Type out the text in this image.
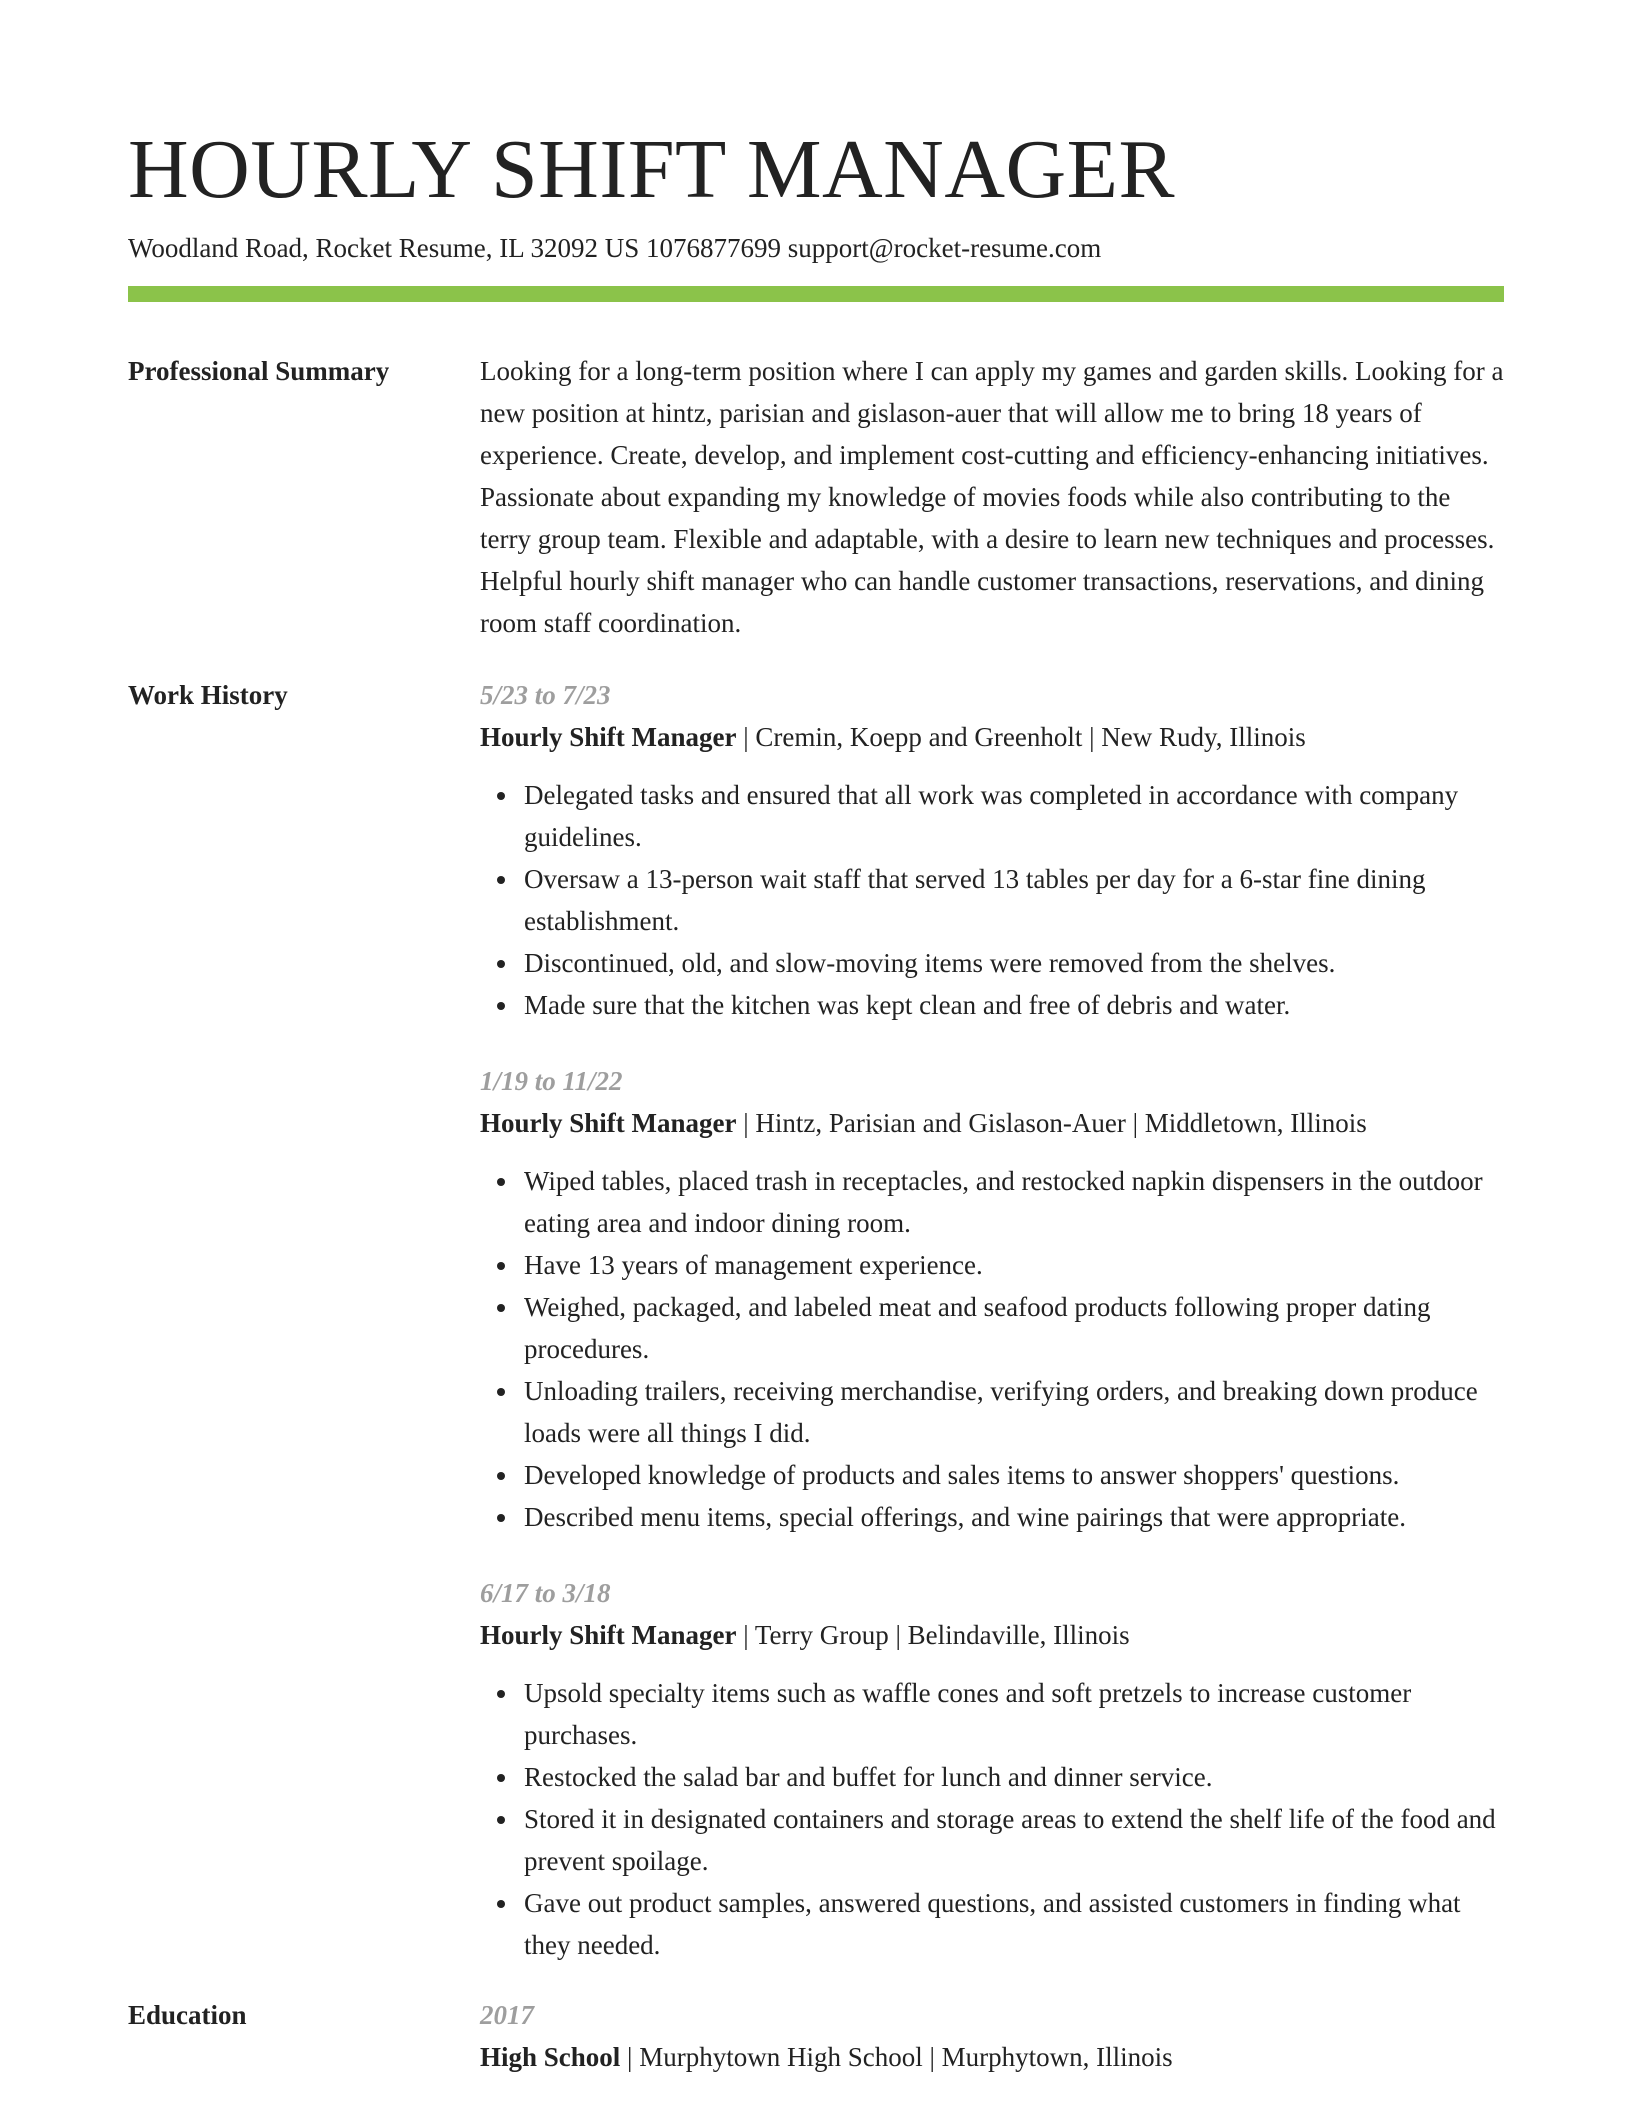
HOURLY SHIFT MANAGER
Woodland Road, Rocket Resume, IL 32092 US 1076877699 support@rocket-resume.com
Professional Summary	Looking for a long-term position where I can apply my games and garden skills. Looking for a new position at hintz, parisian and gislason-auer that will allow me to bring 18 years of experience. Create, develop, and implement cost-cutting and efficiency-enhancing initiatives. Passionate about expanding my knowledge of movies foods while also contributing to the terry group team. Flexible and adaptable, with a desire to learn new techniques and processes. Helpful hourly shift manager who can handle customer transactions, reservations, and dining room staff coordination.

Work History	5/23 to 7/23
Hourly Shift Manager | Cremin, Koepp and Greenholt | New Rudy, Illinois
Delegated tasks and ensured that all work was completed in accordance with company guidelines.
Oversaw a 13-person wait staff that served 13 tables per day for a 6-star fine dining establishment.
Discontinued, old, and slow-moving items were removed from the shelves.
Made sure that the kitchen was kept clean and free of debris and water.
1/19 to 11/22
Hourly Shift Manager | Hintz, Parisian and Gislason-Auer | Middletown, Illinois
Wiped tables, placed trash in receptacles, and restocked napkin dispensers in the outdoor eating area and indoor dining room.
Have 13 years of management experience.
Weighed, packaged, and labeled meat and seafood products following proper dating procedures.
Unloading trailers, receiving merchandise, verifying orders, and breaking down produce loads were all things I did.
Developed knowledge of products and sales items to answer shoppers' questions.
Described menu items, special offerings, and wine pairings that were appropriate.
6/17 to 3/18
Hourly Shift Manager | Terry Group | Belindaville, Illinois
Upsold specialty items such as waffle cones and soft pretzels to increase customer purchases.
Restocked the salad bar and buffet for lunch and dinner service.
Stored it in designated containers and storage areas to extend the shelf life of the food and prevent spoilage.
Gave out product samples, answered questions, and assisted customers in finding what they needed.
Education	2017
High School | Murphytown High School | Murphytown, Illinois
